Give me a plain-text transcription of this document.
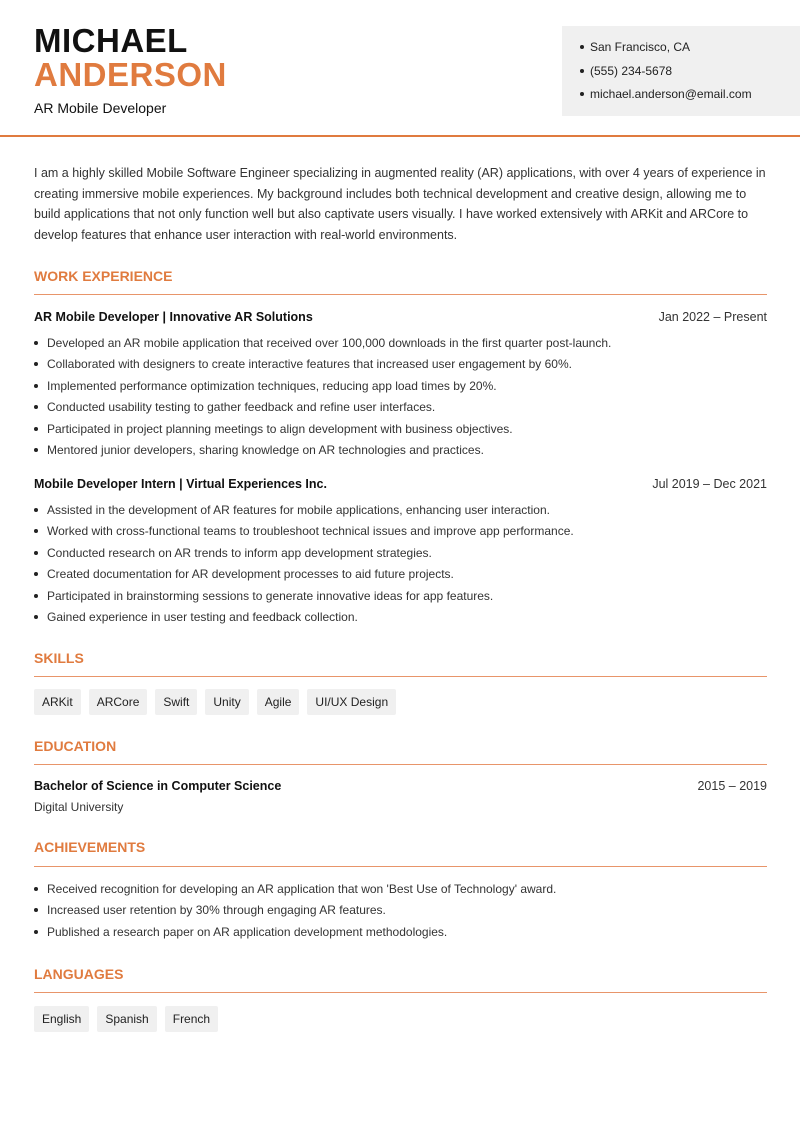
MICHAEL
ANDERSON
AR Mobile Developer
San Francisco, CA
(555) 234-5678
michael.anderson@email.com
I am a highly skilled Mobile Software Engineer specializing in augmented reality (AR) applications, with over 4 years of experience in creating immersive mobile experiences. My background includes both technical development and creative design, allowing me to build applications that not only function well but also captivate users visually. I have worked extensively with ARKit and ARCore to develop features that enhance user interaction with real-world environments.
WORK EXPERIENCE
AR Mobile Developer | Innovative AR Solutions	Jan 2022 – Present
Developed an AR mobile application that received over 100,000 downloads in the first quarter post-launch.
Collaborated with designers to create interactive features that increased user engagement by 60%.
Implemented performance optimization techniques, reducing app load times by 20%.
Conducted usability testing to gather feedback and refine user interfaces.
Participated in project planning meetings to align development with business objectives.
Mentored junior developers, sharing knowledge on AR technologies and practices.
Mobile Developer Intern | Virtual Experiences Inc.	Jul 2019 – Dec 2021
Assisted in the development of AR features for mobile applications, enhancing user interaction.
Worked with cross-functional teams to troubleshoot technical issues and improve app performance.
Conducted research on AR trends to inform app development strategies.
Created documentation for AR development processes to aid future projects.
Participated in brainstorming sessions to generate innovative ideas for app features.
Gained experience in user testing and feedback collection.
SKILLS
ARKit	ARCore	Swift	Unity	Agile	UI/UX Design
EDUCATION
Bachelor of Science in Computer Science	2015 – 2019
Digital University
ACHIEVEMENTS
Received recognition for developing an AR application that won 'Best Use of Technology' award.
Increased user retention by 30% through engaging AR features.
Published a research paper on AR application development methodologies.
LANGUAGES
English	Spanish	French
